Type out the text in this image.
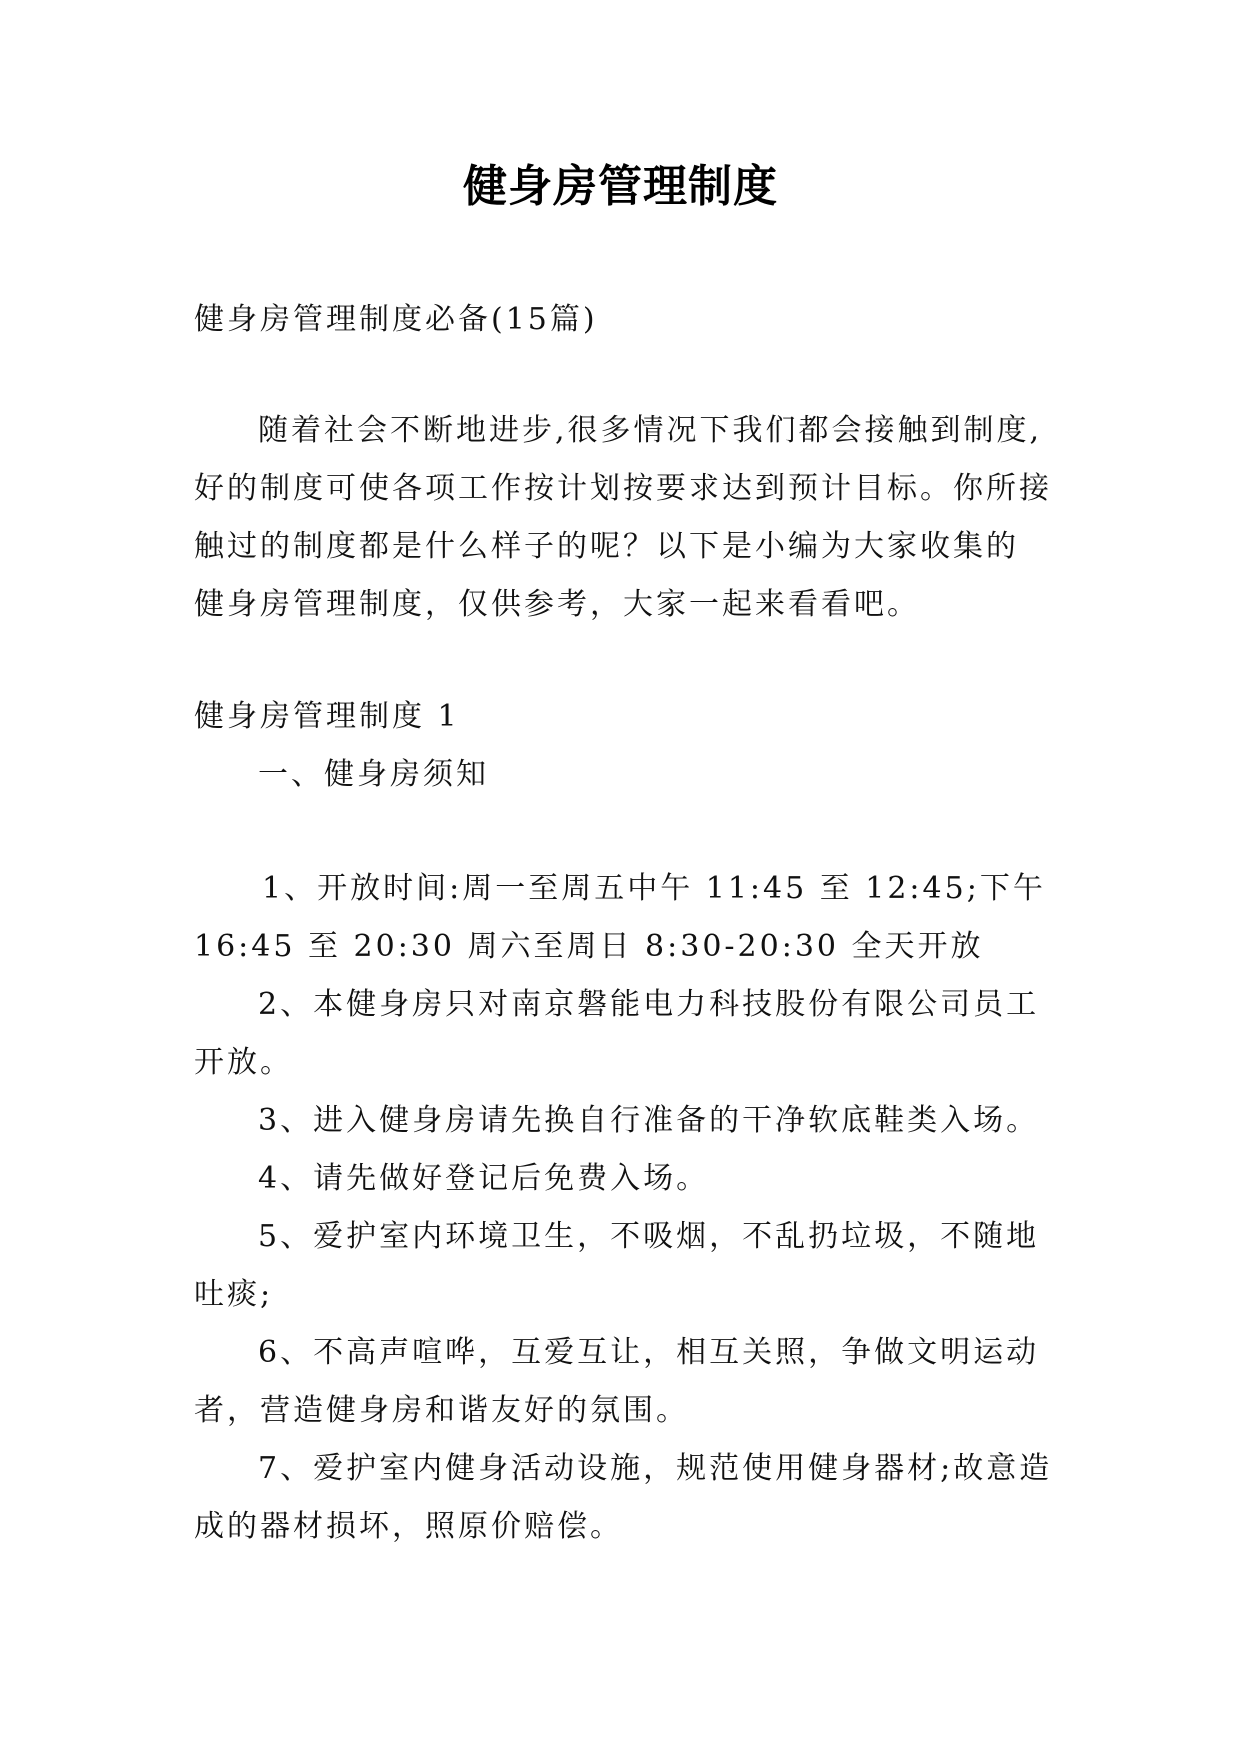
健身房管理制度
健身房管理制度必备(15篇)
随着社会不断地进步,很多情况下我们都会接触到制度,
好的制度可使各项工作按计划按要求达到预计目标。你所接
触过的制度都是什么样子的呢？以下是小编为大家收集的
健身房管理制度，仅供参考，大家一起来看看吧。
健身房管理制度 1
一、健身房须知
1、开放时间:周一至周五中午 11:45 至 12:45;下午
16:45 至 20:30 周六至周日 8:30-20:30 全天开放
2、本健身房只对南京磐能电力科技股份有限公司员工
开放。
3、进入健身房请先换自行准备的干净软底鞋类入场。
4、请先做好登记后免费入场。
5、爱护室内环境卫生，不吸烟，不乱扔垃圾，不随地
吐痰;
6、不高声喧哗，互爱互让，相互关照，争做文明运动
者，营造健身房和谐友好的氛围。
7、爱护室内健身活动设施，规范使用健身器材;故意造
成的器材损坏，照原价赔偿。
